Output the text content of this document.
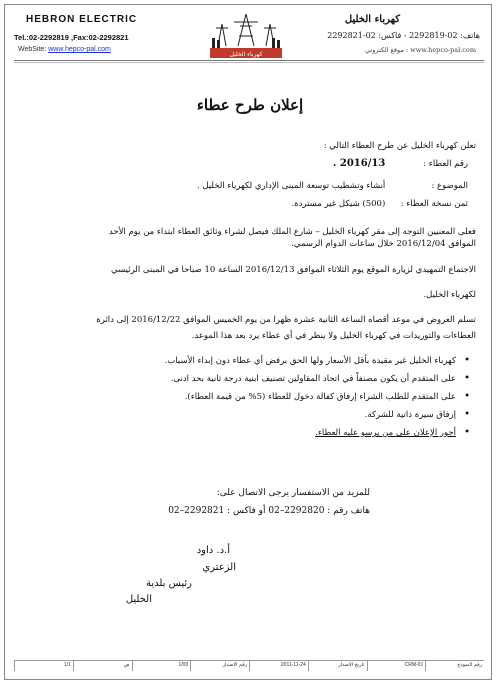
HEBRON ELECTRIC
Tel.:02-2292819 ,Fax:02-2292821
WebSite: www.hepco-pal.com
كهرباء الخليل
هاتف: 02-2292819 - فاكس: 02-2292821
www.hepco-pal.com : موقع الكتروني
كهرباء الخليل
إعلان طرح عطاء
تعلن كهرباء الخليل عن طرح العطاء التالي :
رقم العطاء : 2016/13 .
الموضوع : أنشاء وتشطيب توسعة المبنى الإداري لكهرباء الخليل .
ثمن نسخة العطاء : (500) شيكل غير مستردة.
فعلى المعنيين التوجه إلى مقر كهرباء الخليل – شارع الملك فيصل لشراء وثائق العطاء ابتداء من يوم الأحد
الموافق 2016/12/04 خلال ساعات الدوام الرسمي.
الاجتماع التمهيدي لزيارة الموقع يوم الثلاثاء الموافق 2016/12/13 الساعة 10 صباحا في المبنى الرئيسي
لكهرباء الخليل.
تسلم العروض في موعد أقصاه الساعة الثانية عشرة ظهرا من يوم الخميس الموافق 2016/12/22 إلى دائرة
العطاءات والتوريدات في كهرباء الخليل ولا ينظر في أي عطاء يرد بعد هذا الموعد.
• كهرباء الخليل غير مقيدة بأقل الأسعار ولها الحق برفض أي عطاء دون إبداء الأسباب.
• على المتقدم أن يكون مصنفاً في اتحاد المقاولين تصنيف ابنية درجة ثانية بحد ادنى.
• على المتقدم للطلب الشراء إرفاق كفالة دخول للعطاء (5% من قيمة العطاء).
• إرفاق سيرة ذاتية للشركة.
• أجور الإعلان على من يرسو عليه العطاء.
للمزيد من الاستفسار يرجى الاتصال على:
هاتف رقم : 2292820–02 أو فاكس : 2292821–02
أ.د. داود
الزعتري
رئيس بلدية
الخليل
رقم النموذج
CRM-01
تاريخ الاصدار
2011-11-24
رقم الاصدار
1/00
ص
1/1
